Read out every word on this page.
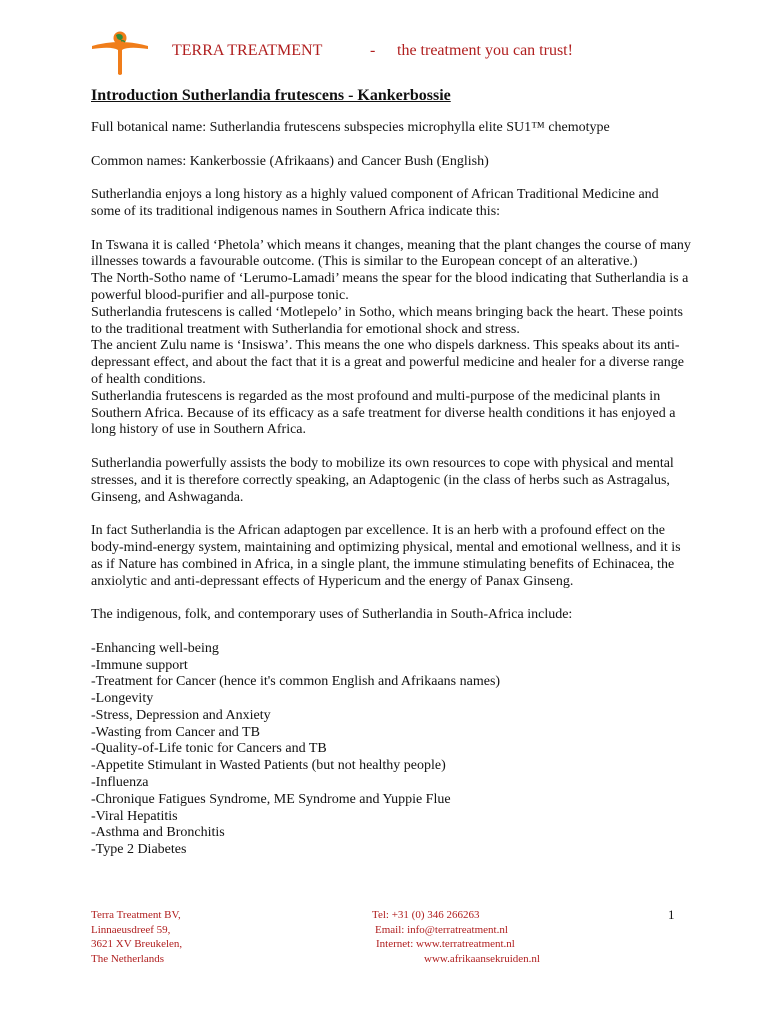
TERRA TREATMENT	- the treatment you can trust!
Introduction Sutherlandia frutescens - Kankerbossie

Full botanical name: Sutherlandia frutescens subspecies microphylla elite SU1™ chemotype

Common names: Kankerbossie (Afrikaans) and Cancer Bush (English)

Sutherlandia enjoys a long history as a highly valued component of African Traditional Medicine and some of its traditional indigenous names in Southern Africa indicate this:

In Tswana it is called ‘Phetola’ which means it changes, meaning that the plant changes the course of many illnesses towards a favourable outcome. (This is similar to the European concept of an alterative.)

The North-Sotho name of ‘Lerumo-Lamadi’ means the spear for the blood indicating that Sutherlandia is a powerful blood-purifier and all-purpose tonic.

Sutherlandia frutescens is called ‘Motlepelo’ in Sotho, which means bringing back the heart. These points to the traditional treatment with Sutherlandia for emotional shock and stress.

The ancient Zulu name is ‘Insiswa’. This means the one who dispels darkness. This speaks about its anti-depressant effect, and about the fact that it is a great and powerful medicine and healer for a diverse range of health conditions.

Sutherlandia frutescens is regarded as the most profound and multi-purpose of the medicinal plants in Southern Africa. Because of its efficacy as a safe treatment for diverse health conditions it has enjoyed a long history of use in Southern Africa.

Sutherlandia powerfully assists the body to mobilize its own resources to cope with physical and mental stresses, and it is therefore correctly speaking, an Adaptogenic (in the class of herbs such as Astragalus, Ginseng, and Ashwaganda.

In fact Sutherlandia is the African adaptogen par excellence. It is an herb with a profound effect on the body-mind-energy system, maintaining and optimizing physical, mental and emotional wellness, and it is as if Nature has combined in Africa, in a single plant, the immune stimulating benefits of Echinacea, the anxiolytic and anti-depressant effects of Hypericum and the energy of Panax Ginseng.

The indigenous, folk, and contemporary uses of Sutherlandia in South-Africa include:

-Enhancing well-being

-Immune support

-Treatment for Cancer (hence it's common English and Afrikaans names)

-Longevity

-Stress, Depression and Anxiety

-Wasting from Cancer and TB

-Quality-of-Life tonic for Cancers and TB

-Appetite Stimulant in Wasted Patients (but not healthy people)

-Influenza

-Chronique Fatigues Syndrome, ME Syndrome and Yuppie Flue

-Viral Hepatitis

-Asthma and Bronchitis

-Type 2 Diabetes

Terra Treatment BV,
Linnaeusdreef 59,
3621 XV Breukelen,
The Netherlands
Tel: +31 (0) 346 266263
Email: info@terratreatment.nl
Internet: www.terratreatment.nl
www.afrikaansekruiden.nl
1
